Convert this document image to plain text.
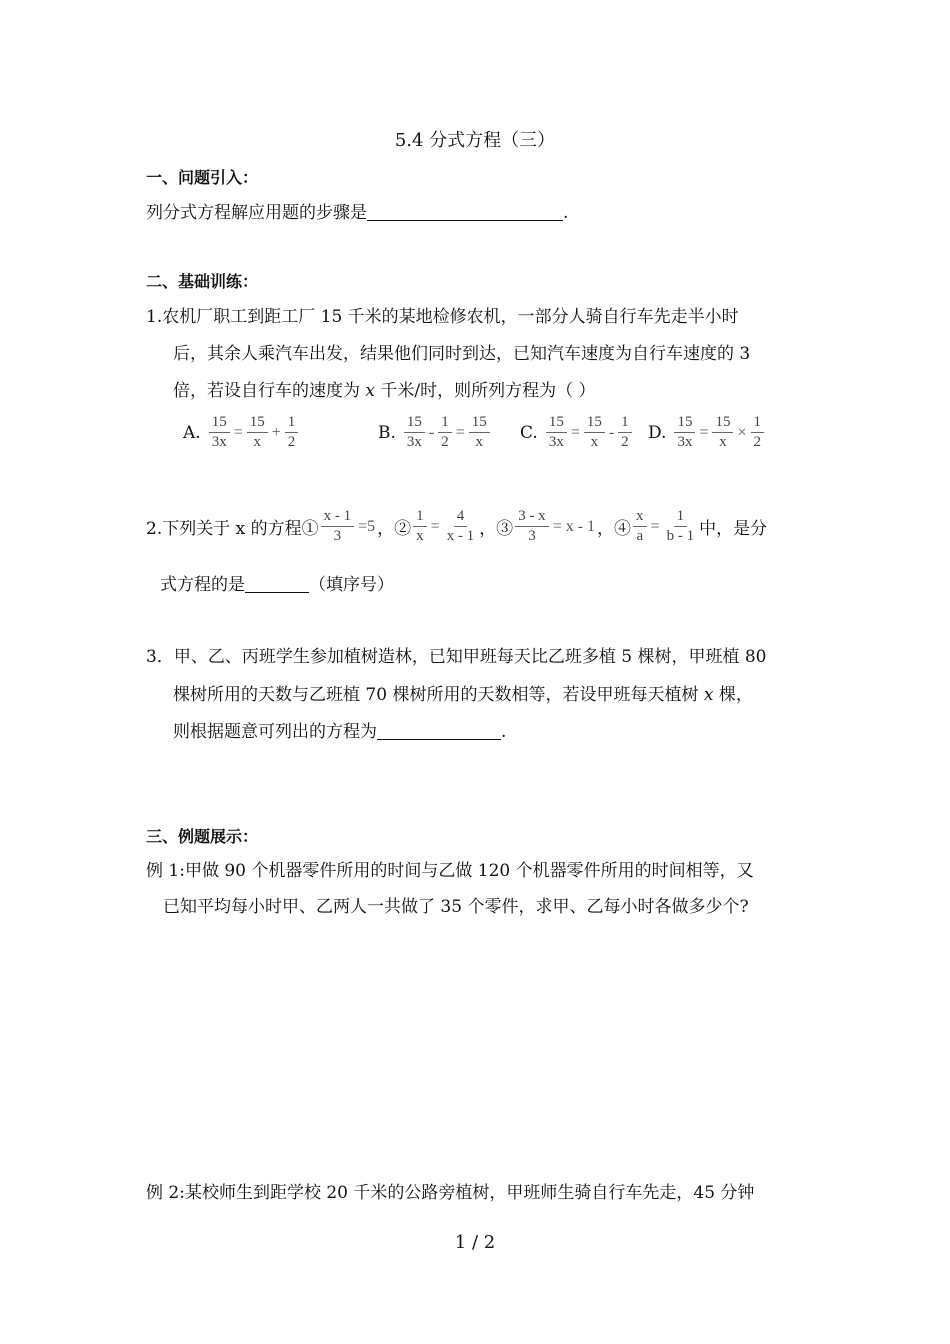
5.4 分式方程（三）
一、问题引入：
列分式方程解应用题的步骤是	.
二、基础训练：
1.农机厂职工到距工厂 15 千米的某地检修农机，一部分人骑自行车先走半小时
后，其余人乘汽车出发，结果他们同时到达，已知汽车速度为自行车速度的 3
倍，若设自行车的速度为 x 千米/时，则所列方程为（ ）
A. $\frac{15}{3x} = \frac{15}{x} + \frac{1}{2}$	B. $\frac{15}{3x} - \frac{1}{2} = \frac{15}{x} C$. $\frac{15}{3x} = \frac{15}{x} - \frac{1}{2} D$. $\frac{15}{3x} = \frac{15}{x} \times \frac{1}{2}$
2.下列关于 x 的方程① $\frac{x - 1}{3} =5$ ，② $\frac{1}{x} = \frac{4}{x - 1}$ ，③ $\frac{3 - x}{3} = x - 1$ ，④ $\frac{x}{a} = \frac{1}{b - 1}$ 中，是分
式方程的是	（填序号）
3．甲、乙、丙班学生参加植树造林，已知甲班每天比乙班多植 5 棵树，甲班植 80
棵树所用的天数与乙班植 70 棵树所用的天数相等，若设甲班每天植树 x 棵，
则根据题意可列出的方程为	.
三、例题展示：
例 1:甲做 90 个机器零件所用的时间与乙做 120 个机器零件所用的时间相等，又
已知平均每小时甲、乙两人一共做了 35 个零件，求甲、乙每小时各做多少个?
例 2:某校师生到距学校 20 千米的公路旁植树，甲班师生骑自行车先走，45 分钟
1 / 2
